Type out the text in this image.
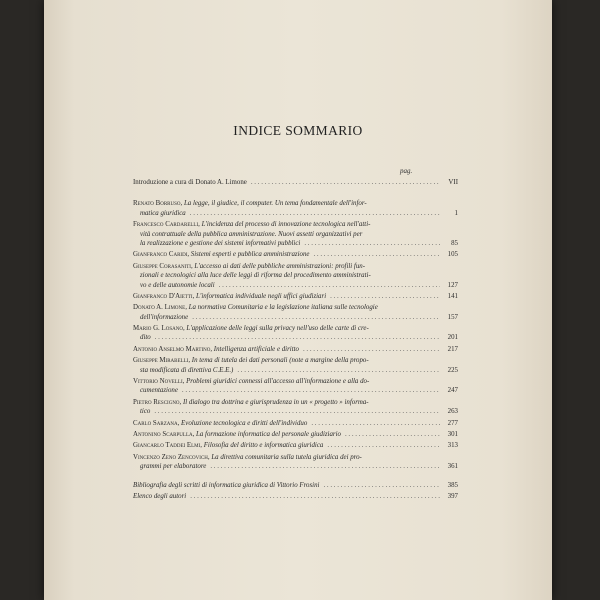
INDICE SOMMARIO
pag.
Introduzione a cura di Donato A. Limone . . .	VII
Renato Borruso, La legge, il giudice, il computer. Un tema fondamentale dell'infor-
matica giuridica . . .	1
Francesco Cardarelli, L'incidenza del processo di innovazione tecnologica nell'atti-
vità contrattuale della pubblica amministrazione. Nuovi assetti organizzativi per
la realizzazione e gestione dei sistemi informativi pubblici . . .	85
Gianfranco Caridi, Sistemi esperti e pubblica amministrazione . . .	105
Giuseppe Corasaniti, L'accesso ai dati delle pubbliche amministrazioni: profili fun-
zionali e tecnologici alla luce delle leggi di riforma del procedimento amministrati-
vo e delle autonomie locali . . .	127
Gianfranco D'Aietti, L'informatica individuale negli uffici giudiziari . . .	141
Donato A. Limone, La normativa Comunitaria e la legislazione italiana sulle tecnologie
dell'informazione . . .	157
Mario G. Losano, L'applicazione delle leggi sulla privacy nell'uso delle carte di cre-
dito . . .	201
Antonio Anselmo Martino, Intelligenza artificiale e diritto . . .	217
Giuseppe Mirabelli, In tema di tutela dei dati personali (note a margine della propo-
sta modificata di direttiva C.E.E.) . . .	225
Vittorio Novelli, Problemi giuridici connessi all'accesso all'informazione e alla do-
cumentazione . . .	247
Pietro Rescigno, Il dialogo tra dottrina e giurisprudenza in un « progetto » informa-
tico . . .	263
Carlo Sarzana, Evoluzione tecnologica e diritti dell'individuo . . .	277
Antonino Scarpulla, La formazione informatica del personale giudiziario . . .	301
Giancarlo Taddei Elmi, Filosofia del diritto e informatica giuridica . . .	313
Vincenzo Zeno Zencovich, La direttiva comunitaria sulla tutela giuridica dei pro-
grammi per elaboratore . . .	361
Bibliografia degli scritti di informatica giuridica di Vittorio Frosini . . .	385
Elenco degli autori . . .	397
